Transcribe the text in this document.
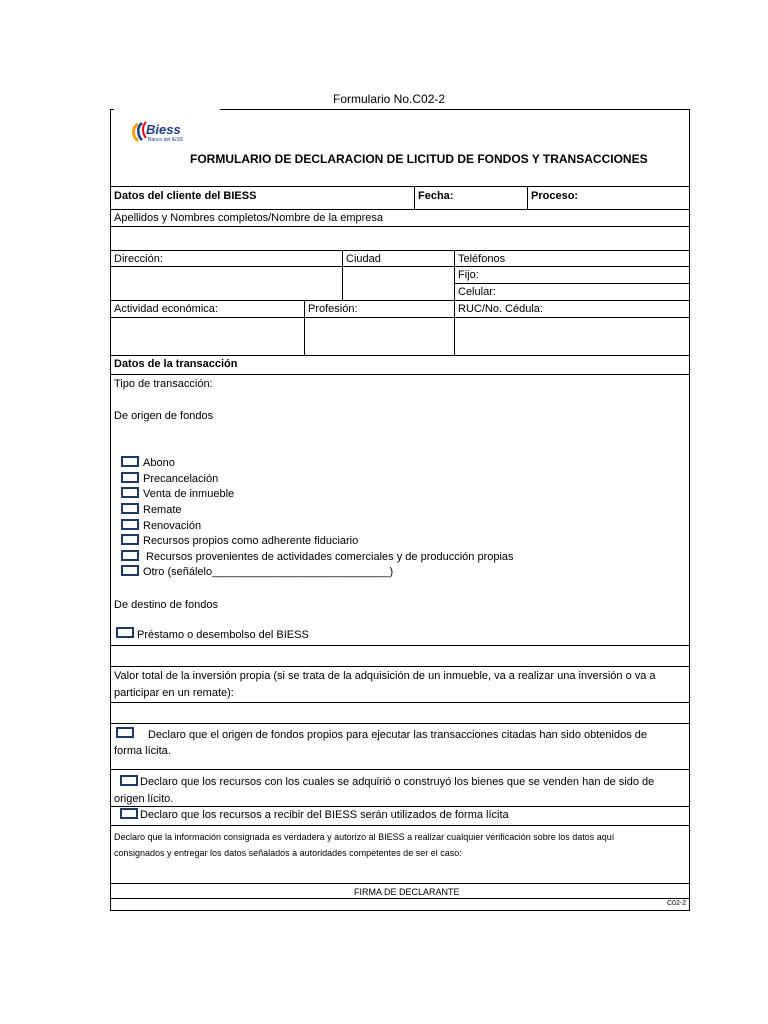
Formulario No.C02-2
Biess
Banco del IESS
FORMULARIO DE DECLARACION DE LICITUD DE FONDOS Y TRANSACCIONES
Datos del cliente del BIESS	Fecha:	Proceso:
Apellidos y Nombres completos/Nombre de la empresa
Dirección:	Ciudad	Teléfonos
Fijo:
Celular:
Actividad económica:	Profesión:	RUC/No. Cédula:
Datos de la transacción
Tipo de transacción:
De origen de fondos
Abono
Precancelación
Venta de inmueble
Remate
Renovación
Recursos propios como adherente fiduciario
Recursos provenientes de actividades comerciales y de producción propias
Otro (señálelo_____________________________)
De destino de fondos
Préstamo o desembolso del BIESS
Valor total de la inversión propia (si se trata de la adquisición de un inmueble, va a realizar una inversión o va a
participar en un remate):
Declaro que el origen de fondos propios para ejecutar las transacciones citadas han sido obtenidos de
forma lícita.
Declaro que los recursos con los cuales se adquirió o construyó los bienes que se venden han de sido de
origen lícito.
Declaro que los recursos a recibir del BIESS serán utilizados de forma lícita
Declaro que la información consignada es verdadera y autorizo al BIESS a realizar cualquier verificación sobre los datos aquí
consignados y entregar los datos señalados a autoridades competentes de ser el caso:
FIRMA DE DECLARANTE
C02-2
